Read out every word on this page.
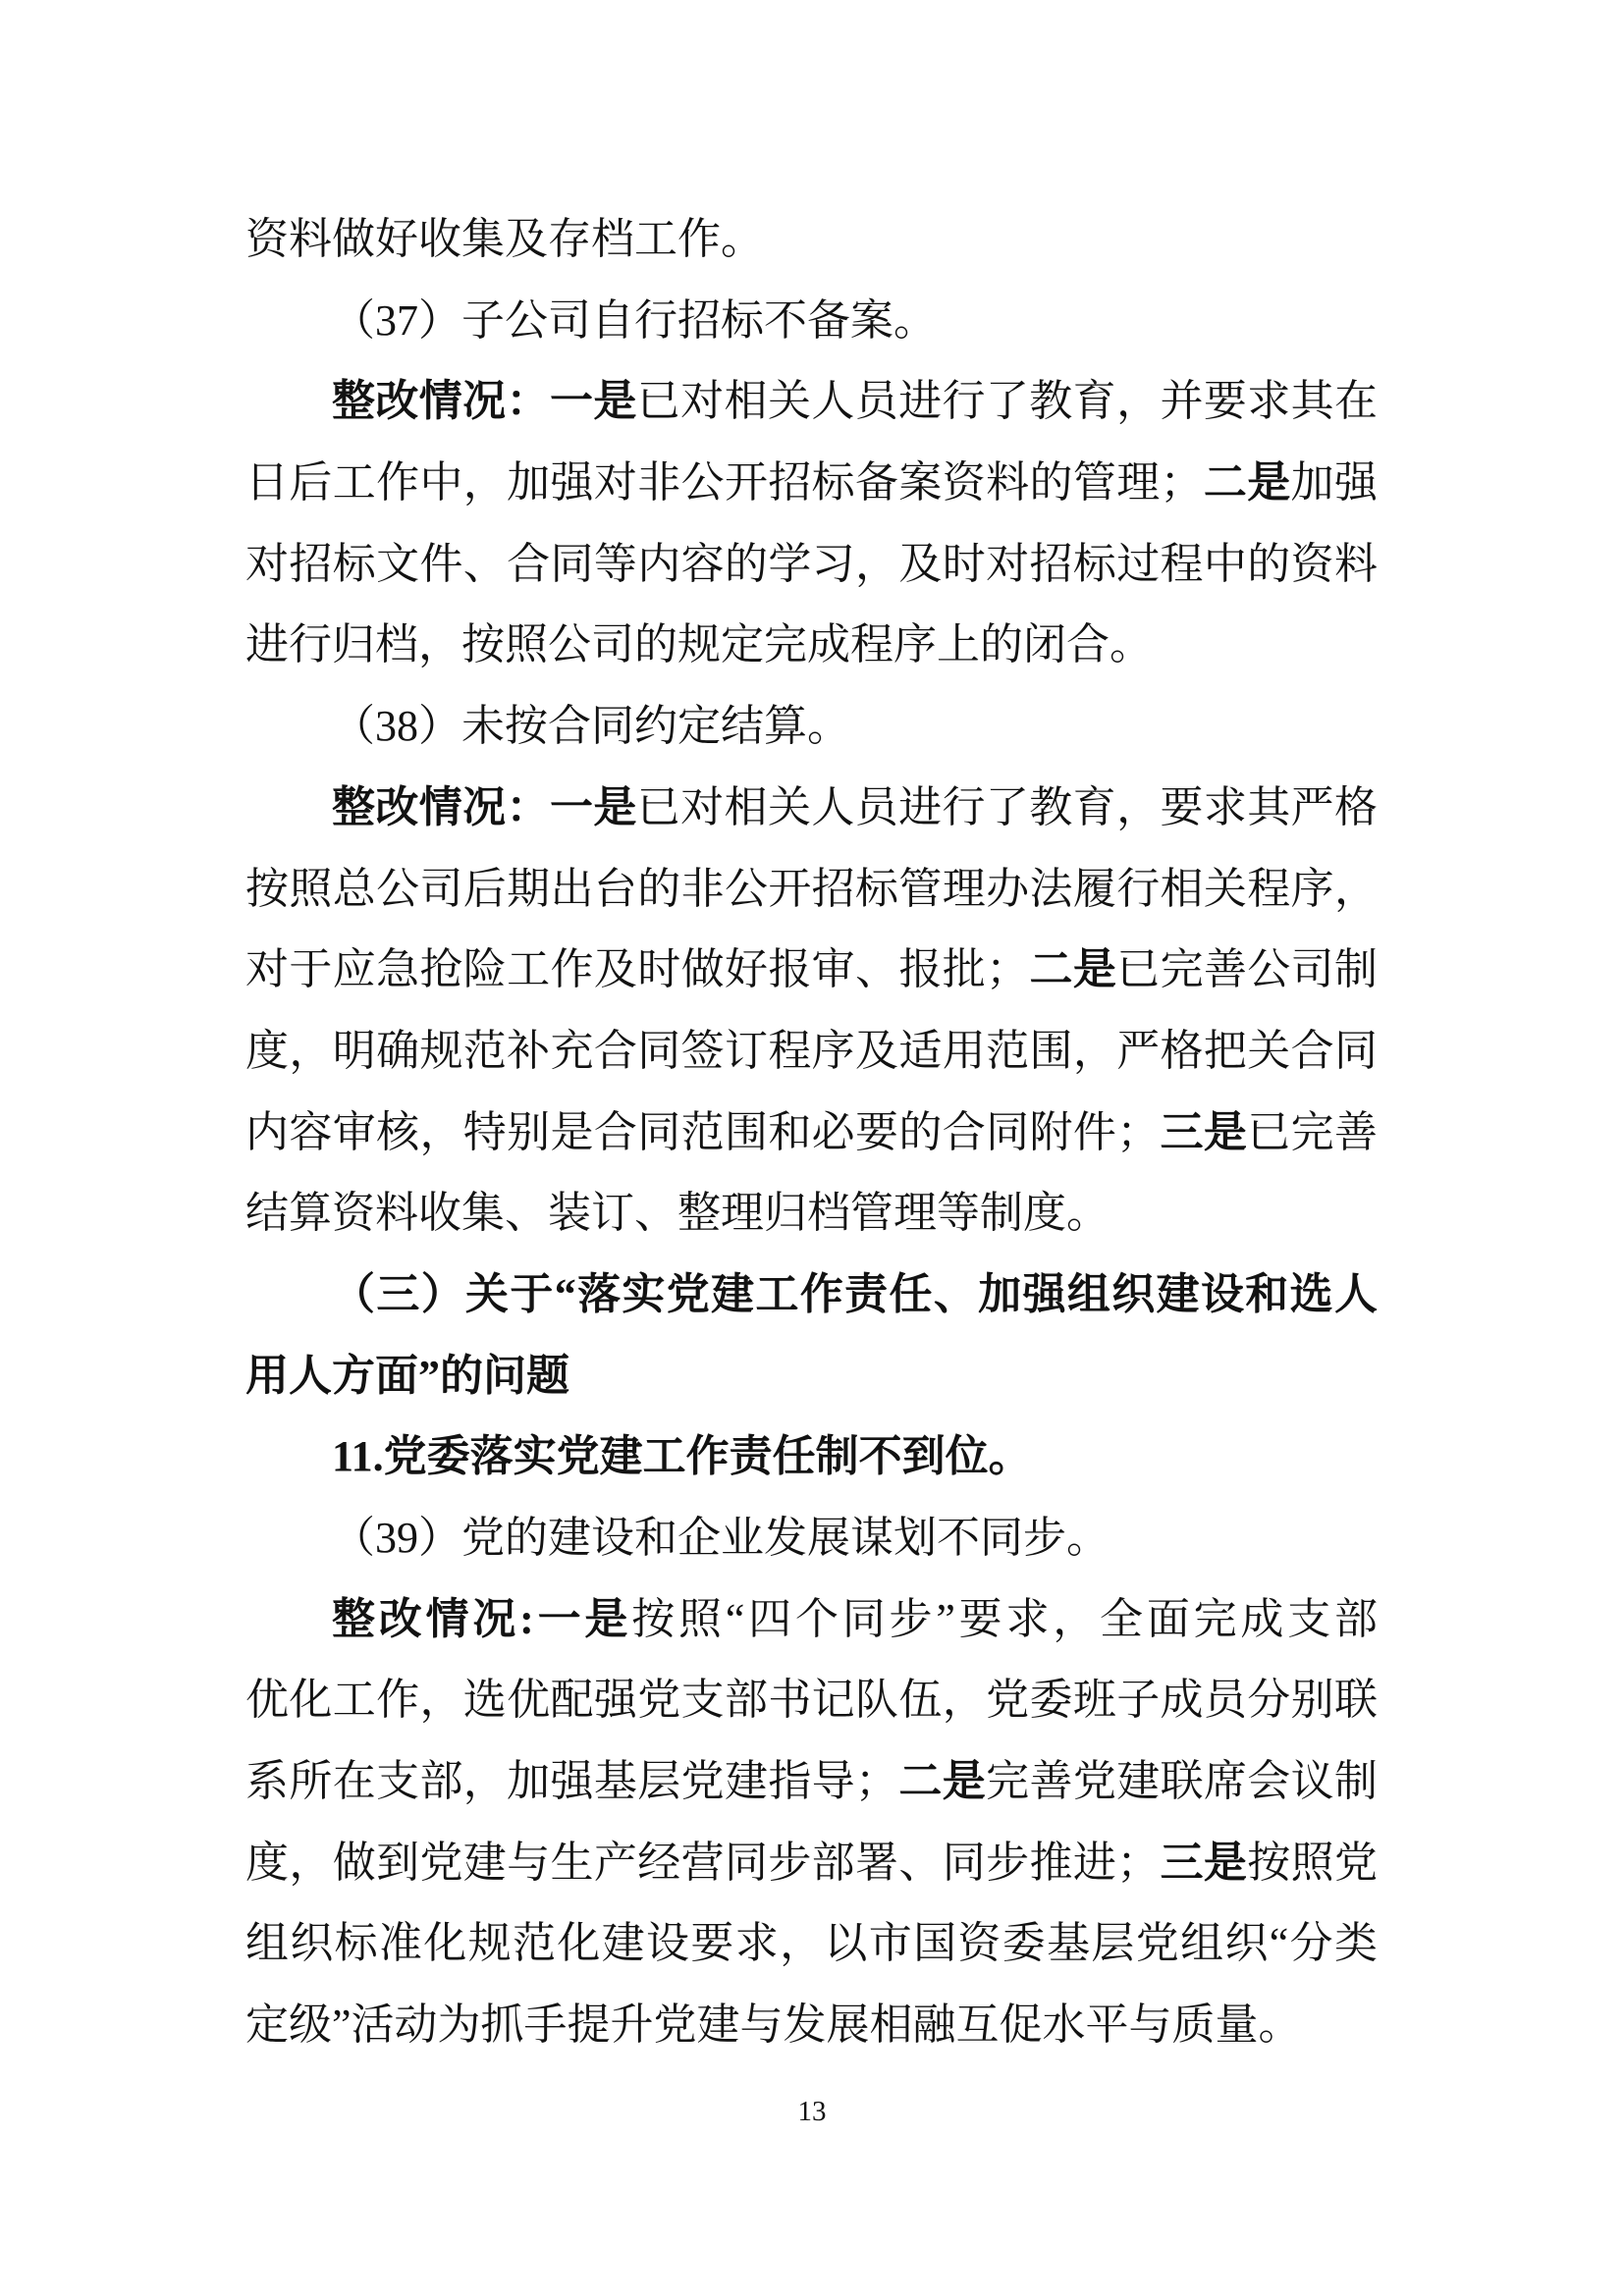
资料做好收集及存档工作。
（37）子公司自行招标不备案。
整改情况：一是已对相关人员进行了教育，并要求其在
日后工作中，加强对非公开招标备案资料的管理；二是加强
对招标文件、合同等内容的学习，及时对招标过程中的资料
进行归档，按照公司的规定完成程序上的闭合。
（38）未按合同约定结算。
整改情况：一是已对相关人员进行了教育，要求其严格
按照总公司后期出台的非公开招标管理办法履行相关程序，
对于应急抢险工作及时做好报审、报批；二是已完善公司制
度，明确规范补充合同签订程序及适用范围，严格把关合同
内容审核，特别是合同范围和必要的合同附件；三是已完善
结算资料收集、装订、整理归档管理等制度。
（三）关于“落实党建工作责任、加强组织建设和选人
用人方面”的问题
11.党委落实党建工作责任制不到位。
（39）党的建设和企业发展谋划不同步。
整改情况:一是按照“四个同步”要求，全面完成支部
优化工作，选优配强党支部书记队伍，党委班子成员分别联
系所在支部，加强基层党建指导；二是完善党建联席会议制
度，做到党建与生产经营同步部署、同步推进；三是按照党
组织标准化规范化建设要求，以市国资委基层党组织“分类
定级”活动为抓手提升党建与发展相融互促水平与质量。
13
